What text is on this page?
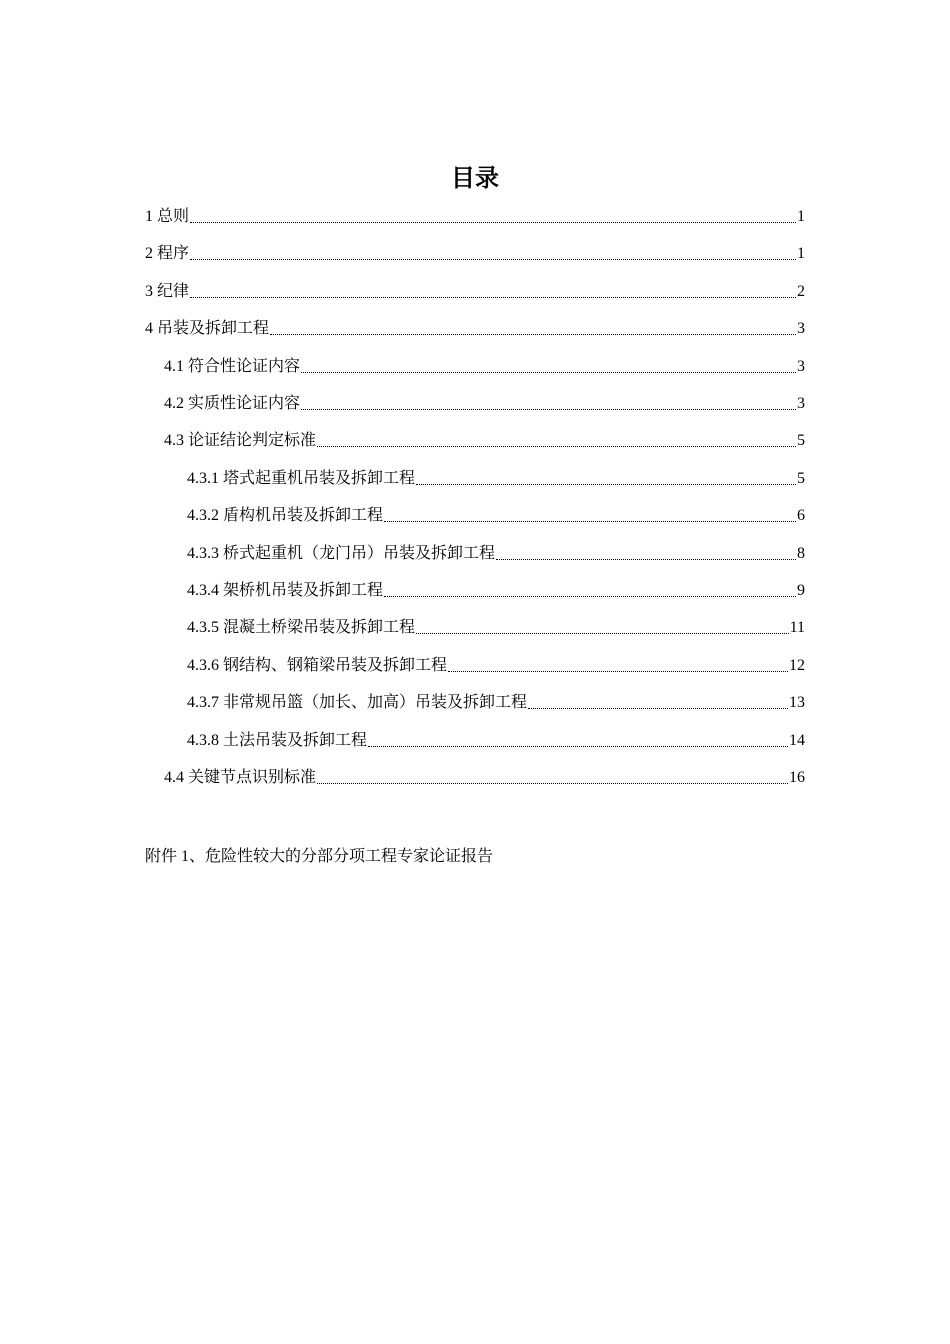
目录
1 总则	1
2 程序	1
3 纪律	2
4 吊装及拆卸工程	3
4.1 符合性论证内容	3
4.2 实质性论证内容	3
4.3 论证结论判定标准	5
4.3.1 塔式起重机吊装及拆卸工程	5
4.3.2 盾构机吊装及拆卸工程	6
4.3.3 桥式起重机（龙门吊）吊装及拆卸工程	8
4.3.4 架桥机吊装及拆卸工程	9
4.3.5 混凝土桥梁吊装及拆卸工程	11
4.3.6 钢结构、钢箱梁吊装及拆卸工程	12
4.3.7 非常规吊篮（加长、加高）吊装及拆卸工程	13
4.3.8 土法吊装及拆卸工程	14
4.4 关键节点识别标准	16
附件 1、危险性较大的分部分项工程专家论证报告
